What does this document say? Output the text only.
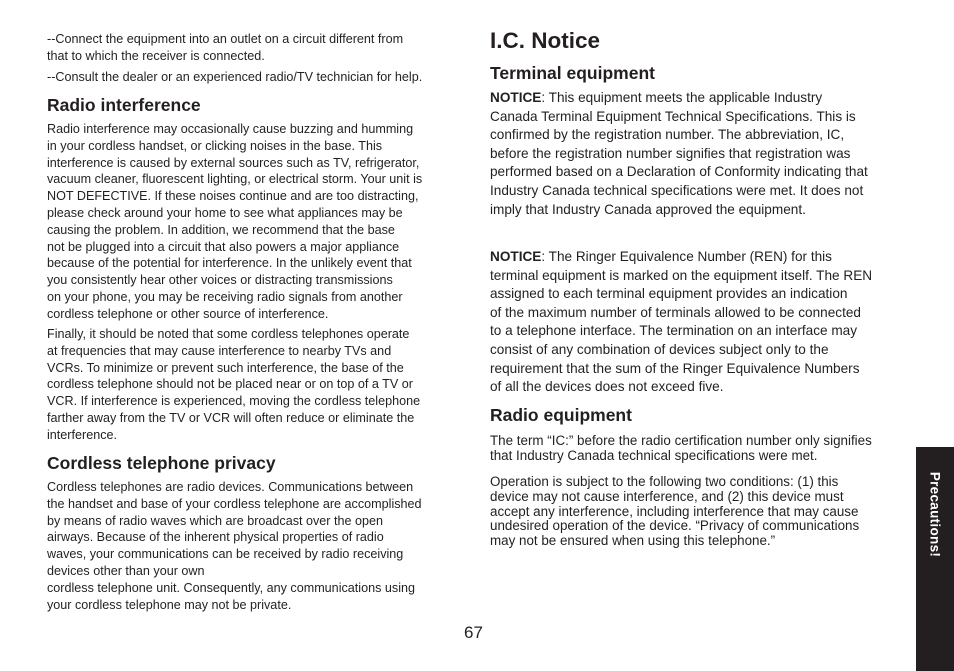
--Connect the equipment into an outlet on a circuit different from
that to which the receiver is connected.
--Consult the dealer or an experienced radio/TV technician for help.
Radio interference
Radio interference may occasionally cause buzzing and humming
in your cordless handset, or clicking noises in the base. This
interference is caused by external sources such as TV, refrigerator,
vacuum cleaner, fluorescent lighting, or electrical storm. Your unit is
NOT DEFECTIVE. If these noises continue and are too distracting,
please check around your home to see what appliances may be
causing the problem. In addition, we recommend that the base
not be plugged into a circuit that also powers a major appliance
because of the potential for interference. In the unlikely event that
you consistently hear other voices or distracting transmissions
on your phone, you may be receiving radio signals from another
cordless telephone or other source of interference.
Finally, it should be noted that some cordless telephones operate
at frequencies that may cause interference to nearby TVs and
VCRs. To minimize or prevent such interference, the base of the
cordless telephone should not be placed near or on top of a TV or
VCR. If interference is experienced, moving the cordless telephone
farther away from the TV or VCR will often reduce or eliminate the
interference.
Cordless telephone privacy
Cordless telephones are radio devices. Communications between
the handset and base of your cordless telephone are accomplished
by means of radio waves which are broadcast over the open
airways. Because of the inherent physical properties of radio
waves, your communications can be received by radio receiving
devices other than your own
cordless telephone unit. Consequently, any communications using
your cordless telephone may not be private.
I.C. Notice
Terminal equipment
NOTICE: This equipment meets the applicable Industry
Canada Terminal Equipment Technical Specifications. This is
confirmed by the registration number. The abbreviation, IC,
before the registration number signifies that registration was
performed based on a Declaration of Conformity indicating that
Industry Canada technical specifications were met. It does not
imply that Industry Canada approved the equipment.
NOTICE: The Ringer Equivalence Number (REN) for this
terminal equipment is marked on the equipment itself. The REN
assigned to each terminal equipment provides an indication
of the maximum number of terminals allowed to be connected
to a telephone interface. The termination on an interface may
consist of any combination of devices subject only to the
requirement that the sum of the Ringer Equivalence Numbers
of all the devices does not exceed five.
Radio equipment
The term “IC:” before the radio certification number only signifies
that Industry Canada technical specifications were met.
Operation is subject to the following two conditions: (1) this
device may not cause interference, and (2) this device must
accept any interference, including interference that may cause
undesired operation of the device. “Privacy of communications
may not be ensured when using this telephone.”	Precautions!
67
